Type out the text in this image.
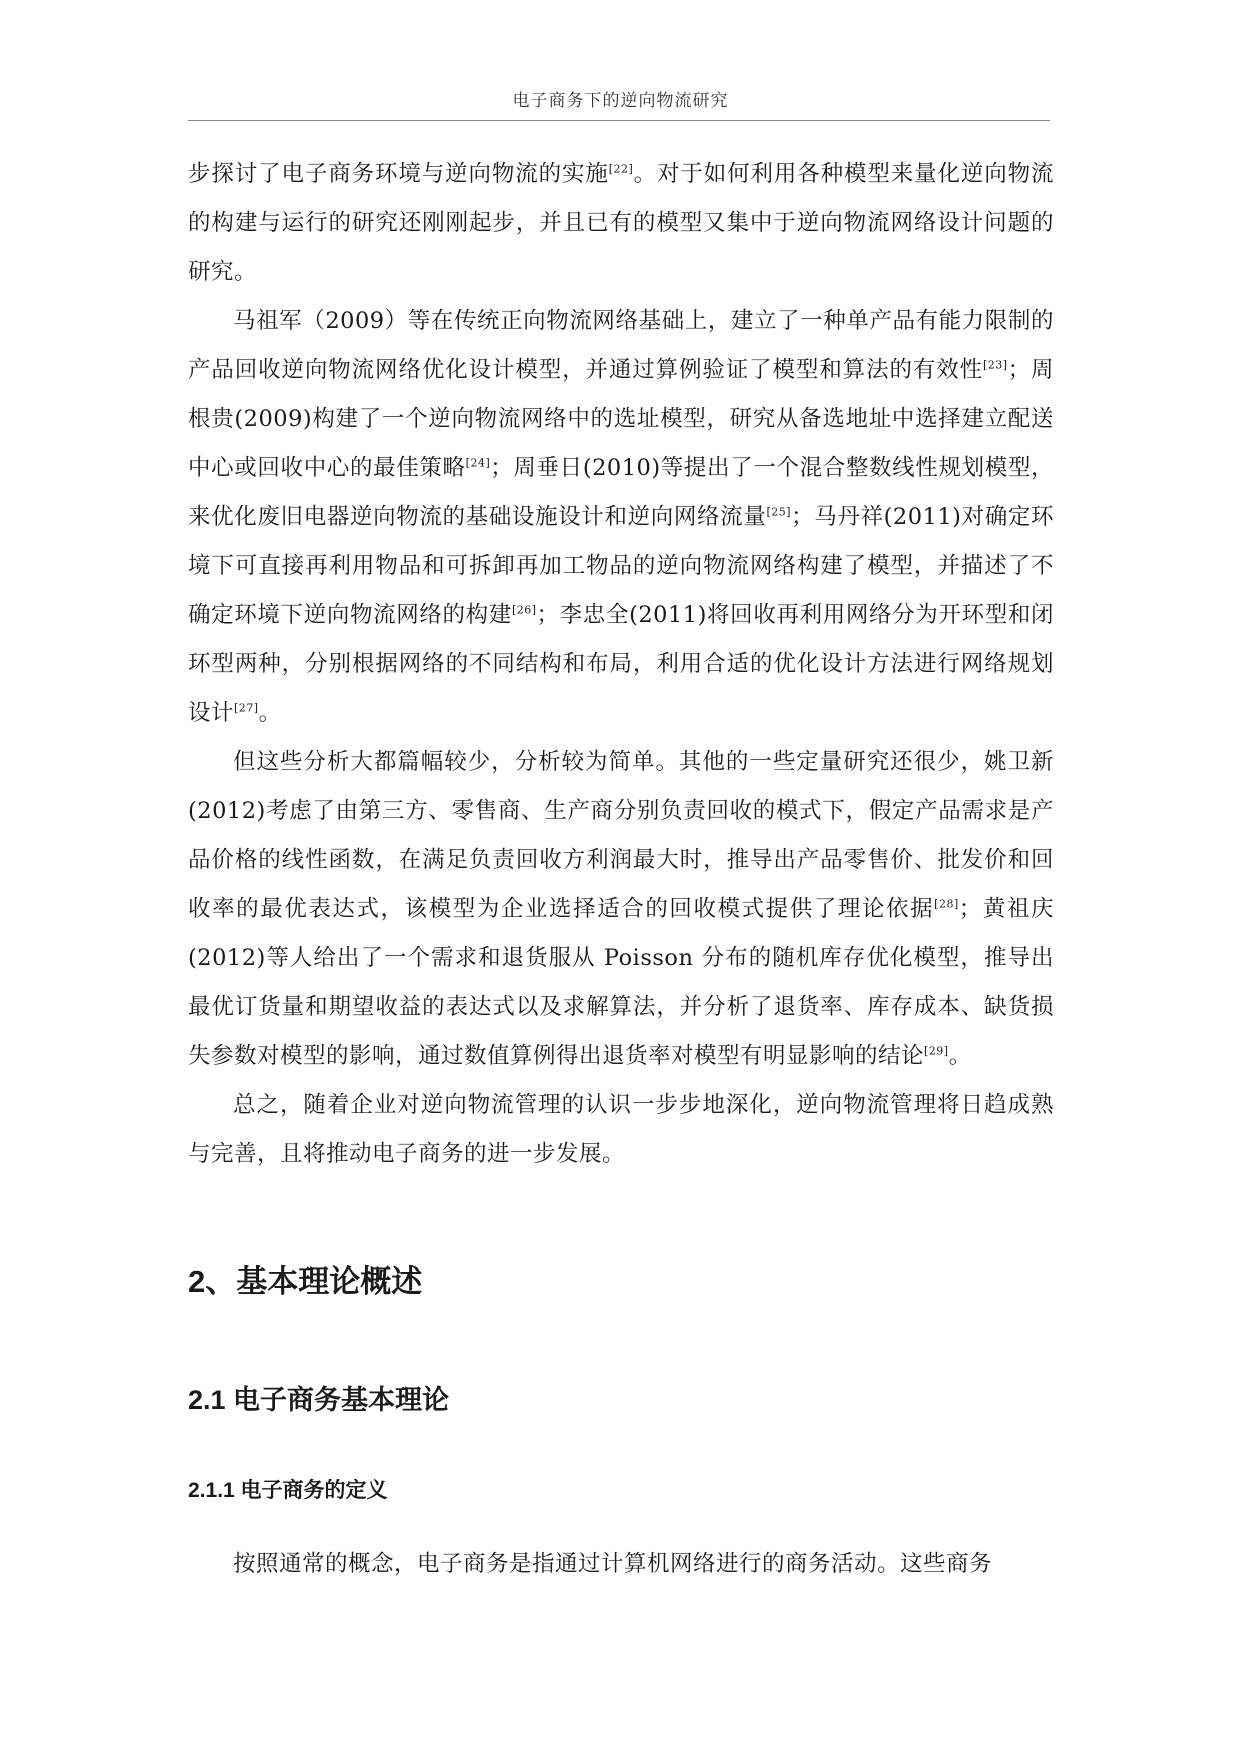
电子商务下的逆向物流研究

步探讨了电子商务环境与逆向物流的实施[22]。对于如何利用各种模型来量化逆向物流的构建与运行的研究还刚刚起步，并且已有的模型又集中于逆向物流网络设计问题的研究。

马祖军（2009）等在传统正向物流网络基础上，建立了一种单产品有能力限制的产品回收逆向物流网络优化设计模型，并通过算例验证了模型和算法的有效性[23]；周根贵(2009)构建了一个逆向物流网络中的选址模型，研究从备选地址中选择建立配送中心或回收中心的最佳策略[24]；周垂日(2010)等提出了一个混合整数线性规划模型，来优化废旧电器逆向物流的基础设施设计和逆向网络流量[25]；马丹祥(2011)对确定环境下可直接再利用物品和可拆卸再加工物品的逆向物流网络构建了模型，并描述了不确定环境下逆向物流网络的构建[26]；李忠全(2011)将回收再利用网络分为开环型和闭环型两种，分别根据网络的不同结构和布局，利用合适的优化设计方法进行网络规划设计[27]。

但这些分析大都篇幅较少，分析较为简单。其他的一些定量研究还很少，姚卫新(2012)考虑了由第三方、零售商、生产商分别负责回收的模式下，假定产品需求是产品价格的线性函数，在满足负责回收方利润最大时，推导出产品零售价、批发价和回收率的最优表达式，该模型为企业选择适合的回收模式提供了理论依据[28]；黄祖庆(2012)等人给出了一个需求和退货服从 Poisson 分布的随机库存优化模型，推导出最优订货量和期望收益的表达式以及求解算法，并分析了退货率、库存成本、缺货损失参数对模型的影响，通过数值算例得出退货率对模型有明显影响的结论[29]。

总之，随着企业对逆向物流管理的认识一步步地深化，逆向物流管理将日趋成熟与完善，且将推动电子商务的进一步发展。

2、基本理论概述
2.1 电子商务基本理论
2.1.1 电子商务的定义

按照通常的概念，电子商务是指通过计算机网络进行的商务活动。这些商务
